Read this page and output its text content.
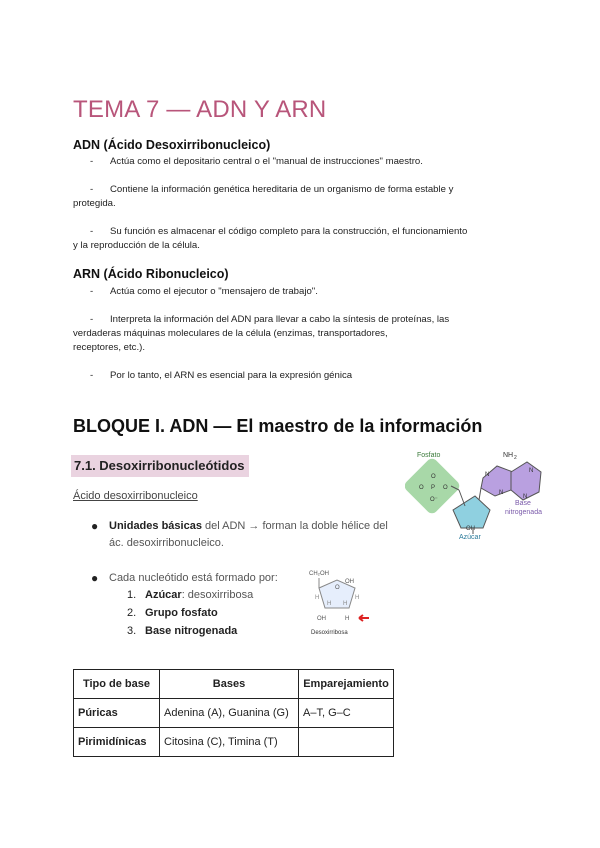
TEMA 7 — ADN Y ARN
ADN (Ácido Desoxirribonucleico)
- Actúa como el depositario central o el "manual de instrucciones" maestro.
- Contiene la información genética hereditaria de un organismo de forma estable y
protegida.
- Su función es almacenar el código completo para la construcción, el funcionamiento
y la reproducción de la célula.
ARN (Ácido Ribonucleico)
- Actúa como el ejecutor o "mensajero de trabajo".
- Interpreta la información del ADN para llevar a cabo la síntesis de proteínas, las
verdaderas máquinas moleculares de la célula (enzimas, transportadores,
receptores, etc.).
- Por lo tanto, el ARN es esencial para la expresión génica
BLOQUE I. ADN — El maestro de la información
7.1. Desoxirribonucleótidos
Ácido desoxirribonucleico
● Unidades básicas del ADN → forman la doble hélice del
ác. desoxirribonucleico.
● Cada nucleótido está formado por:
1. Azúcar: desoxirribosa
2. Grupo fosfato
3. Base nitrogenada
Fosfato
P
O
O	O
O⁻
NH 2
N
N
N
N
Base
nitrogenada
OH
Azúcar
CH₂OH
OH
O
H	H
H H
OH	H
Desoxirribosa
Tipo de base	Bases	Emparejamiento
Púricas	Adenina (A), Guanina (G)	A–T, G–C
Pirimidínicas	Citosina (C), Timina (T)	
